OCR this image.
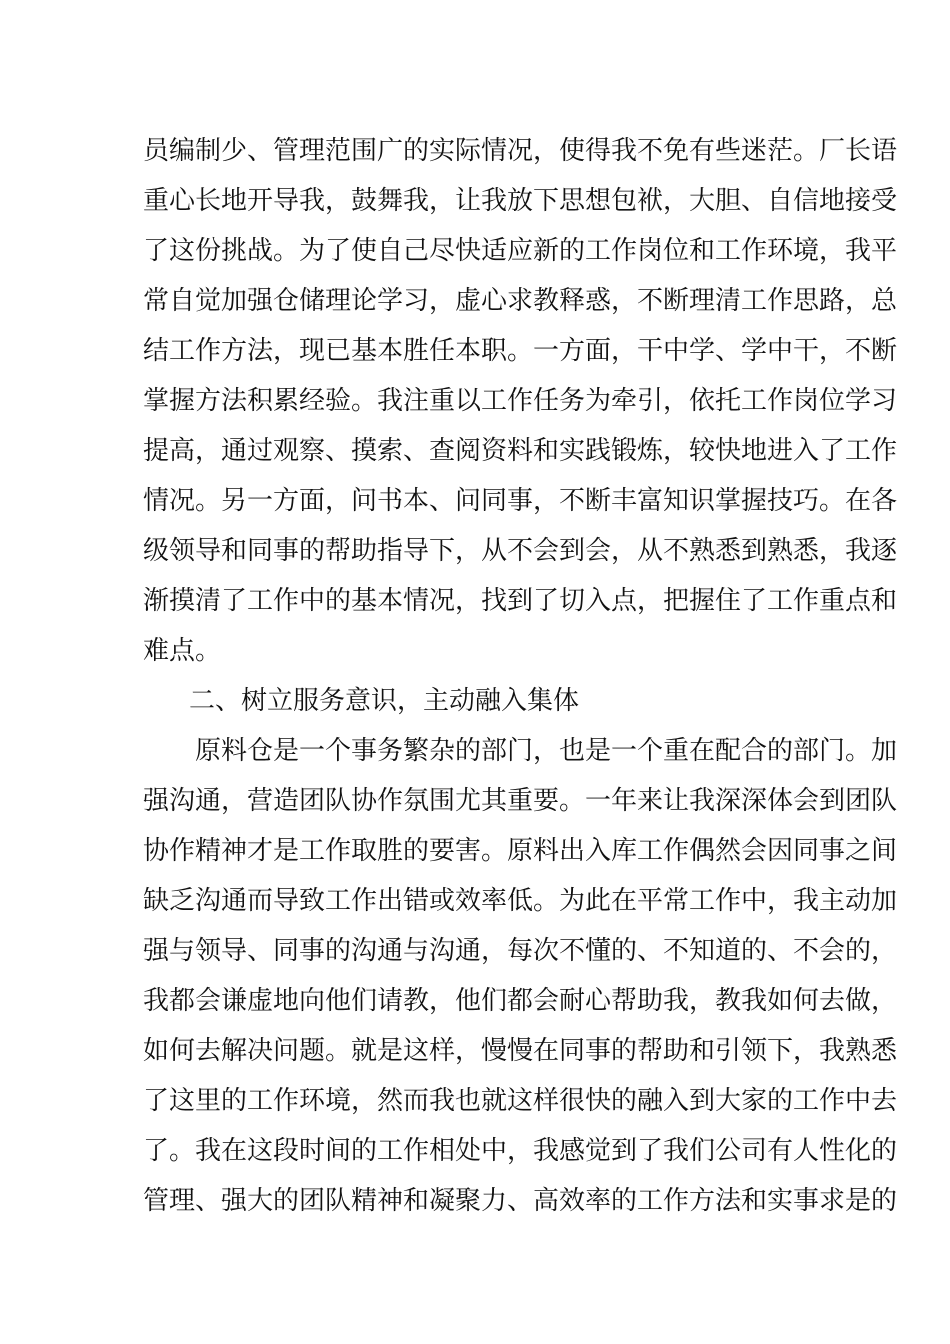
员编制少、管理范围广的实际情况，使得我不免有些迷茫。厂长语

重心长地开导我，鼓舞我，让我放下思想包袱，大胆、自信地接受

了这份挑战。为了使自己尽快适应新的工作岗位和工作环境，我平

常自觉加强仓储理论学习，虚心求教释惑，不断理清工作思路，总

结工作方法，现已基本胜任本职。一方面，干中学、学中干，不断

掌握方法积累经验。我注重以工作任务为牵引，依托工作岗位学习

提高，通过观察、摸索、查阅资料和实践锻炼，较快地进入了工作

情况。另一方面，问书本、问同事，不断丰富知识掌握技巧。在各

级领导和同事的帮助指导下，从不会到会，从不熟悉到熟悉，我逐

渐摸清了工作中的基本情况，找到了切入点，把握住了工作重点和

难点。

二、树立服务意识，主动融入集体

原料仓是一个事务繁杂的部门，也是一个重在配合的部门。加

强沟通，营造团队协作氛围尤其重要。一年来让我深深体会到团队

协作精神才是工作取胜的要害。原料出入库工作偶然会因同事之间

缺乏沟通而导致工作出错或效率低。为此在平常工作中，我主动加

强与领导、同事的沟通与沟通，每次不懂的、不知道的、不会的，

我都会谦虚地向他们请教，他们都会耐心帮助我，教我如何去做，

如何去解决问题。就是这样，慢慢在同事的帮助和引领下，我熟悉

了这里的工作环境，然而我也就这样很快的融入到大家的工作中去

了。我在这段时间的工作相处中，我感觉到了我们公司有人性化的

管理、强大的团队精神和凝聚力、高效率的工作方法和实事求是的
